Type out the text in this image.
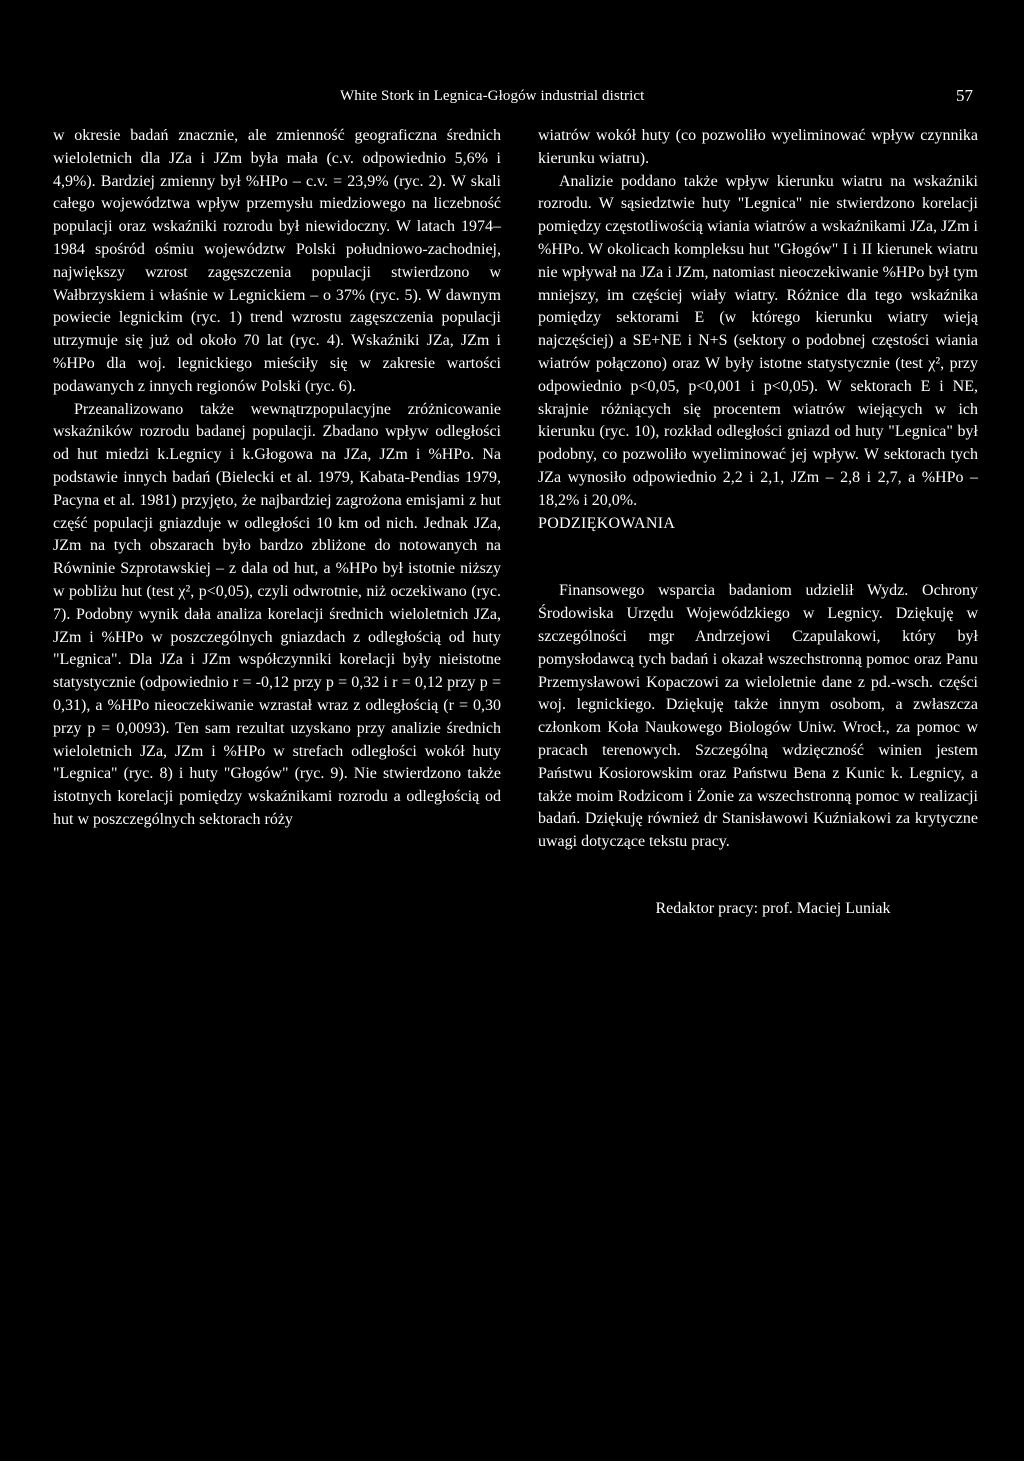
White Stork in Legnica-Głogów industrial district	57

w okresie badań znacznie, ale zmienność geograficzna średnich wieloletnich dla JZa i JZm była mała (c.v. odpowiednio 5,6% i 4,9%). Bardziej zmienny był %HPo – c.v. = 23,9% (ryc. 2). W skali całego województwa wpływ przemysłu miedziowego na liczebność populacji oraz wskaźniki rozrodu był niewidoczny. W latach 1974–1984 spośród ośmiu województw Polski południowo-zachodniej, największy wzrost zagęszczenia populacji stwierdzono w Wałbrzyskiem i właśnie w Legnickiem – o 37% (ryc. 5). W dawnym powiecie legnickim (ryc. 1) trend wzrostu zagęszczenia populacji utrzymuje się już od około 70 lat (ryc. 4). Wskaźniki JZa, JZm i %HPo dla woj. legnickiego mieściły się w zakresie wartości podawanych z innych regionów Polski (ryc. 6).

Przeanalizowano także wewnątrzpopulacyjne zróżnicowanie wskaźników rozrodu badanej populacji. Zbadano wpływ odległości od hut miedzi k.Legnicy i k.Głogowa na JZa, JZm i %HPo. Na podstawie innych badań (Bielecki et al. 1979, Kabata-Pendias 1979, Pacyna et al. 1981) przyjęto, że najbardziej zagrożona emisjami z hut część populacji gniazduje w odległości 10 km od nich. Jednak JZa, JZm na tych obszarach było bardzo zbliżone do notowanych na Równinie Szprotawskiej – z dala od hut, a %HPo był istotnie niższy w pobliżu hut (test χ², p<0,05), czyli odwrotnie, niż oczekiwano (ryc. 7). Podobny wynik dała analiza korelacji średnich wieloletnich JZa, JZm i %HPo w poszczególnych gniazdach z odległością od huty "Legnica". Dla JZa i JZm współczynniki korelacji były nieistotne statystycznie (odpowiednio r = -0,12 przy p = 0,32 i r = 0,12 przy p = 0,31), a %HPo nieoczekiwanie wzrastał wraz z odległością (r = 0,30 przy p = 0,0093). Ten sam rezultat uzyskano przy analizie średnich wieloletnich JZa, JZm i %HPo w strefach odległości wokół huty "Legnica" (ryc. 8) i huty "Głogów" (ryc. 9). Nie stwierdzono także istotnych korelacji pomiędzy wskaźnikami rozrodu a odległością od hut w poszczególnych sektorach róży

wiatrów wokół huty (co pozwoliło wyeliminować wpływ czynnika kierunku wiatru).

Analizie poddano także wpływ kierunku wiatru na wskaźniki rozrodu. W sąsiedztwie huty "Legnica" nie stwierdzono korelacji pomiędzy częstotliwością wiania wiatrów a wskaźnikami JZa, JZm i %HPo. W okolicach kompleksu hut "Głogów" I i II kierunek wiatru nie wpływał na JZa i JZm, natomiast nieoczekiwanie %HPo był tym mniejszy, im częściej wiały wiatry. Różnice dla tego wskaźnika pomiędzy sektorami E (w którego kierunku wiatry wieją najczęściej) a SE+NE i N+S (sektory o podobnej częstości wiania wiatrów połączono) oraz W były istotne statystycznie (test χ², przy odpowiednio p<0,05, p<0,001 i p<0,05). W sektorach E i NE, skrajnie różniących się procentem wiatrów wiejących w ich kierunku (ryc. 10), rozkład odległości gniazd od huty "Legnica" był podobny, co pozwoliło wyeliminować jej wpływ. W sektorach tych JZa wynosiło odpowiednio 2,2 i 2,1, JZm – 2,8 i 2,7, a %HPo – 18,2% i 20,0%.

PODZIĘKOWANIA

Finansowego wsparcia badaniom udzielił Wydz. Ochrony Środowiska Urzędu Wojewódzkiego w Legnicy. Dziękuję w szczególności mgr Andrzejowi Czapulakowi, który był pomysłodawcą tych badań i okazał wszechstronną pomoc oraz Panu Przemysławowi Kopaczowi za wieloletnie dane z pd.-wsch. części woj. legnickiego. Dziękuję także innym osobom, a zwłaszcza członkom Koła Naukowego Biologów Uniw. Wrocł., za pomoc w pracach terenowych. Szczególną wdzięczność winien jestem Państwu Kosiorowskim oraz Państwu Bena z Kunic k. Legnicy, a także moim Rodzicom i Żonie za wszechstronną pomoc w realizacji badań. Dziękuję również dr Stanisławowi Kuźniakowi za krytyczne uwagi dotyczące tekstu pracy.

Redaktor pracy: prof. Maciej Luniak
